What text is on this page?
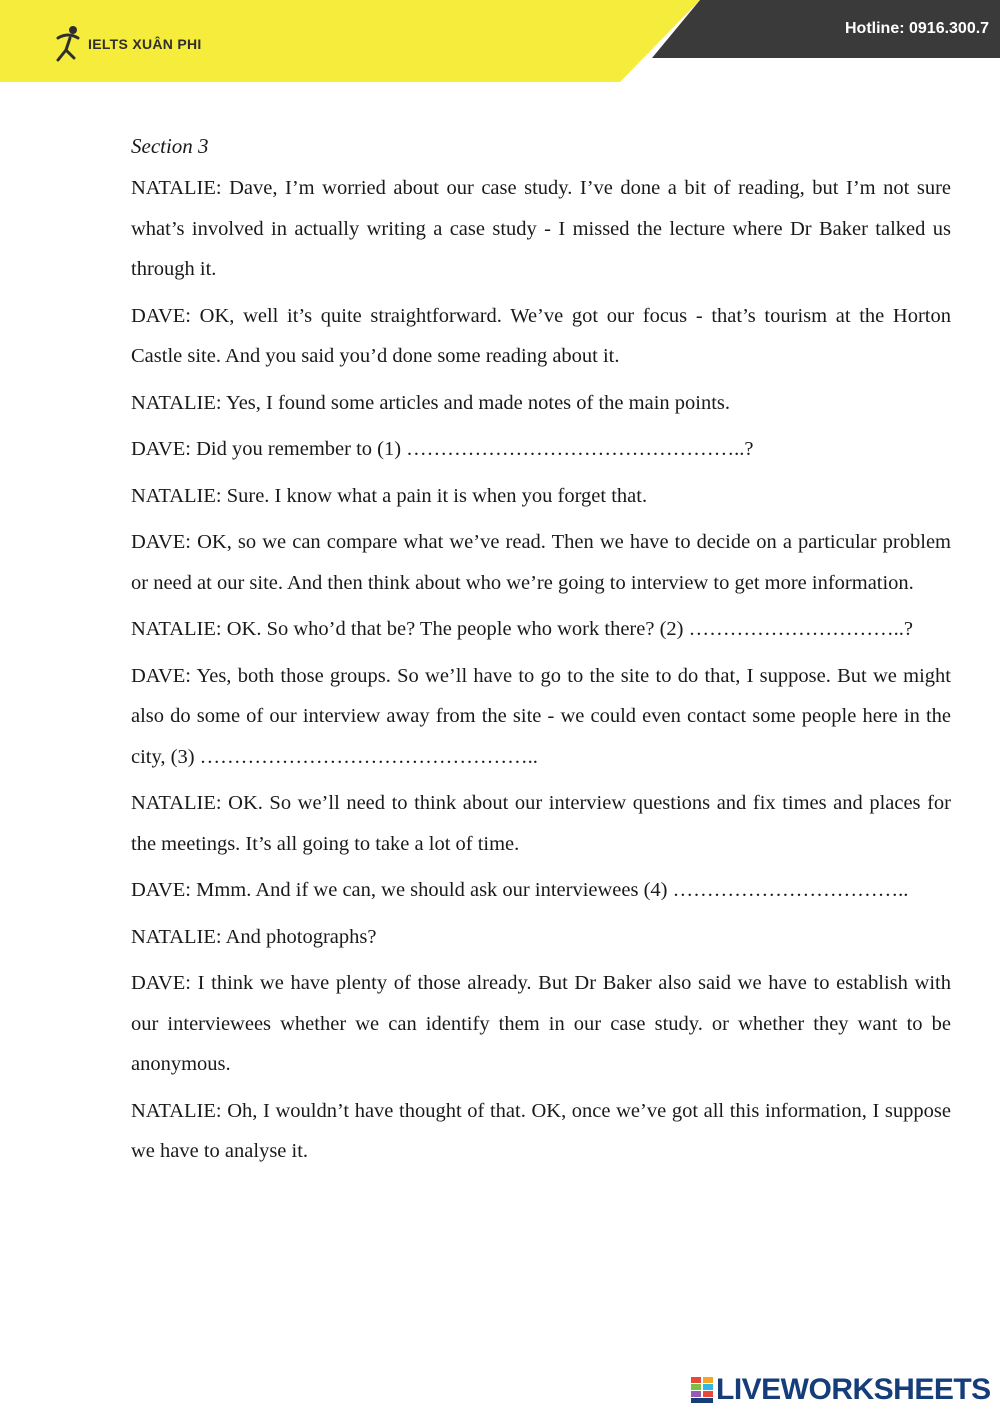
IELTS XUÂN PHI
Hotline: 0916.300.7
Section 3

NATALIE: Dave, I’m worried about our case study. I’ve done a bit of reading, but I’m not sure what’s involved in actually writing a case study - I missed the lecture where Dr Baker talked us through it.

DAVE: OK, well it’s quite straightforward. We’ve got our focus - that’s tourism at the Horton Castle site. And you said you’d done some reading about it.

NATALIE: Yes, I found some articles and made notes of the main points.

DAVE: Did you remember to (1) …………………………………………..?

NATALIE: Sure. I know what a pain it is when you forget that.

DAVE: OK, so we can compare what we’ve read. Then we have to decide on a particular problem or need at our site. And then think about who we’re going to interview to get more information.

NATALIE: OK. So who’d that be? The people who work there? (2) …………………………..?

DAVE: Yes, both those groups. So we’ll have to go to the site to do that, I suppose. But we might also do some of our interview away from the site - we could even contact some people here in the city, (3) …………………………………………..

NATALIE: OK. So we’ll need to think about our interview questions and fix times and places for the meetings. It’s all going to take a lot of time.

DAVE: Mmm. And if we can, we should ask our interviewees (4) ……………………………..

NATALIE: And photographs?

DAVE: I think we have plenty of those already. But Dr Baker also said we have to establish with our interviewees whether we can identify them in our case study. or whether they want to be anonymous.

NATALIE: Oh, I wouldn’t have thought of that. OK, once we’ve got all this information, I suppose we have to analyse it.

LIVEWORKSHEETS
